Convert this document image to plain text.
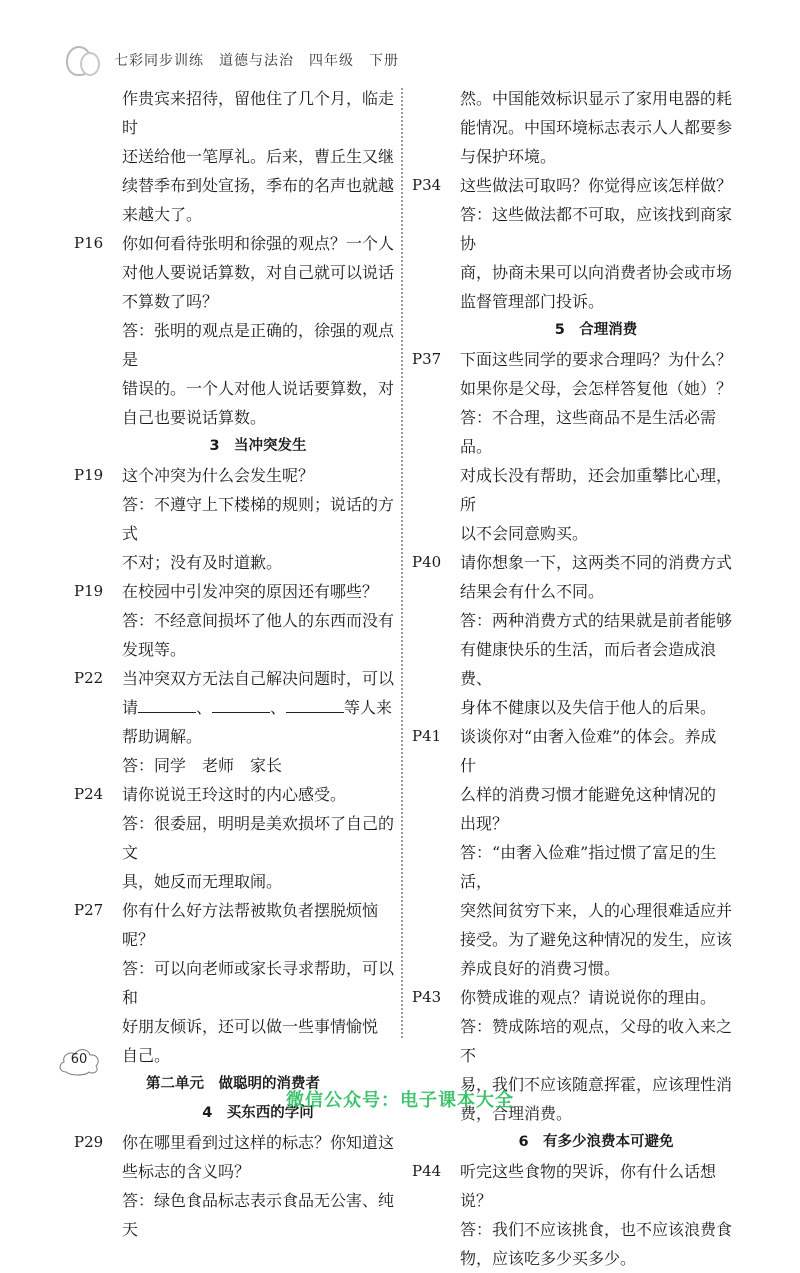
七彩同步训练　道德与法治　四年级　下册

作贵宾来招待，留他住了几个月，临走时

还送给他一笔厚礼。后来，曹丘生又继

续替季布到处宣扬，季布的名声也就越

来越大了。

P16 你如何看待张明和徐强的观点？一个人

对他人要说话算数，对自己就可以说话

不算数了吗？

答：张明的观点是正确的，徐强的观点是

错误的。一个人对他人说话要算数，对

自己也要说话算数。

3　当冲突发生
P19 这个冲突为什么会发生呢？

答：不遵守上下楼梯的规则；说话的方式

不对；没有及时道歉。

P19 在校园中引发冲突的原因还有哪些？

答：不经意间损坏了他人的东西而没有

发现等。

P22 当冲突双方无法自己解决问题时，可以

请	、	、	等人来

帮助调解。

答：同学　老师　家长

P24 请你说说王玲这时的内心感受。

答：很委屈，明明是美欢损坏了自己的文

具，她反而无理取闹。

P27 你有什么好方法帮被欺负者摆脱烦恼呢？

答：可以向老师或家长寻求帮助，可以和

好朋友倾诉，还可以做一些事情愉悦

自己。

第二单元　做聪明的消费者
4　买东西的学问
P29 你在哪里看到过这样的标志？你知道这

些标志的含义吗？

答：绿色食品标志表示食品无公害、纯天

然。中国能效标识显示了家用电器的耗

能情况。中国环境标志表示人人都要参

与保护环境。

P34 这些做法可取吗？你觉得应该怎样做？

答：这些做法都不可取，应该找到商家协

商，协商未果可以向消费者协会或市场

监督管理部门投诉。

5　合理消费
P37 下面这些同学的要求合理吗？为什么？

如果你是父母，会怎样答复他（她）？

答：不合理，这些商品不是生活必需品。

对成长没有帮助，还会加重攀比心理，所

以不会同意购买。

P40 请你想象一下，这两类不同的消费方式

结果会有什么不同。

答：两种消费方式的结果就是前者能够

有健康快乐的生活，而后者会造成浪费、

身体不健康以及失信于他人的后果。

P41 谈谈你对“由奢入俭难”的体会。养成什

么样的消费习惯才能避免这种情况的

出现？

答：“由奢入俭难”指过惯了富足的生活，

突然间贫穷下来，人的心理很难适应并

接受。为了避免这种情况的发生，应该

养成良好的消费习惯。

P43 你赞成谁的观点？请说说你的理由。

答：赞成陈培的观点，父母的收入来之不

易，我们不应该随意挥霍，应该理性消

费，合理消费。

6　有多少浪费本可避免
P44 听完这些食物的哭诉，你有什么话想说？

答：我们不应该挑食，也不应该浪费食

物，应该吃多少买多少。

60
微信公众号：电子课本大全
